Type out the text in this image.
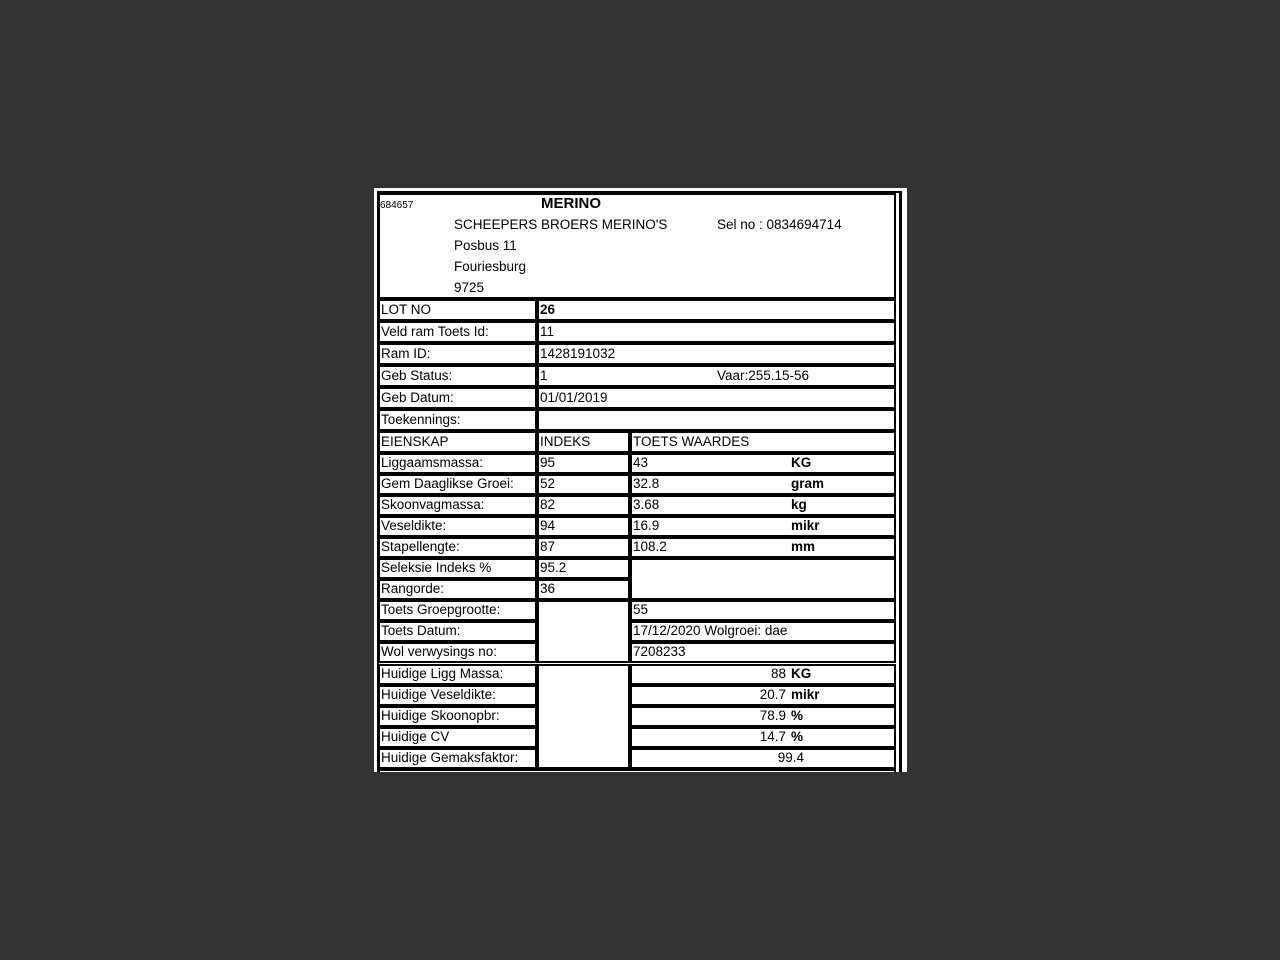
684657	MERINO
SCHEEPERS BROERS MERINO'S	Sel no : 0834694714
Posbus 11
Fouriesburg
9725
LOT NO	26
Veld ram Toets Id:	11
Ram ID:	1428191032
Geb Status:	1	Vaar:255.15-56
Geb Datum:	01/01/2019
Toekennings:
EIENSKAP	INDEKS	TOETS WAARDES
Liggaamsmassa:	95	43	KG
Gem Daaglikse Groei: 52	32.8	gram
Skoonvagmassa:	82	3.68	kg
Veseldikte:	94	16.9	mikr
Stapellengte:	87	108.2	mm
Seleksie Indeks %	95.2
Rangorde:	36
Toets Groepgrootte:	55
Toets Datum:	17/12/2020 Wolgroei: dae
Wol verwysings no:	7208233
Huidige Ligg Massa:	88 KG
Huidige Veseldikte:	20.7 mikr
Huidige Skoonopbr:	78.9 %
Huidige CV	14.7 %
Huidige Gemaksfaktor:	99.4
